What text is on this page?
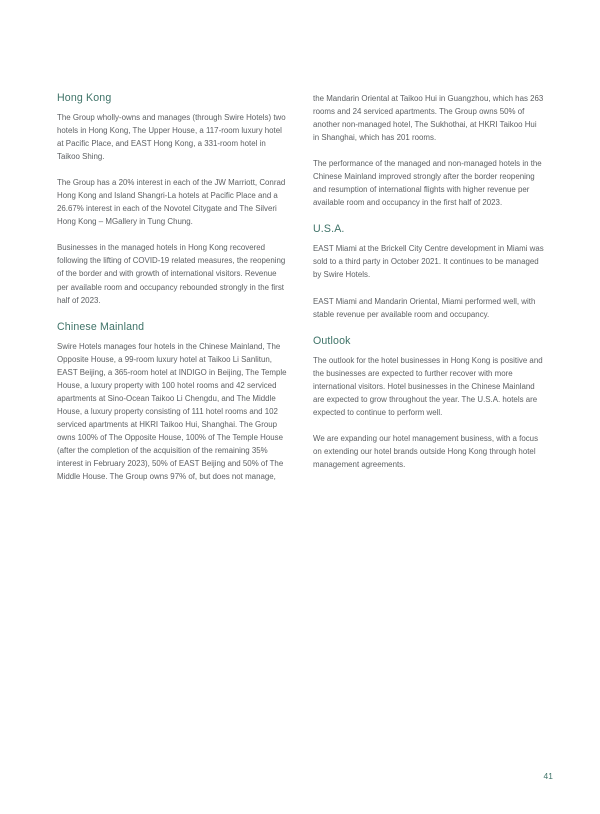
Hong Kong

The Group wholly-owns and manages (through Swire Hotels) two hotels in Hong Kong, The Upper House, a 117-room luxury hotel at Pacific Place, and EAST Hong Kong, a 331-room hotel in Taikoo Shing.

The Group has a 20% interest in each of the JW Marriott, Conrad Hong Kong and Island Shangri-La hotels at Pacific Place and a 26.67% interest in each of the Novotel Citygate and The Silveri Hong Kong – MGallery in Tung Chung.

Businesses in the managed hotels in Hong Kong recovered following the lifting of COVID-19 related measures, the reopening of the border and with growth of international visitors. Revenue per available room and occupancy rebounded strongly in the first half of 2023.

Chinese Mainland

Swire Hotels manages four hotels in the Chinese Mainland, The Opposite House, a 99-room luxury hotel at Taikoo Li Sanlitun, EAST Beijing, a 365-room hotel at INDIGO in Beijing, The Temple House, a luxury property with 100 hotel rooms and 42 serviced apartments at Sino-Ocean Taikoo Li Chengdu, and The Middle House, a luxury property consisting of 111 hotel rooms and 102 serviced apartments at HKRI Taikoo Hui, Shanghai. The Group owns 100% of The Opposite House, 100% of The Temple House (after the completion of the acquisition of the remaining 35% interest in February 2023), 50% of EAST Beijing and 50% of The Middle House. The Group owns 97% of, but does not manage,

the Mandarin Oriental at Taikoo Hui in Guangzhou, which has 263 rooms and 24 serviced apartments. The Group owns 50% of another non-managed hotel, The Sukhothai, at HKRI Taikoo Hui in Shanghai, which has 201 rooms.

The performance of the managed and non-managed hotels in the Chinese Mainland improved strongly after the border reopening and resumption of international flights with higher revenue per available room and occupancy in the first half of 2023.

U.S.A.

EAST Miami at the Brickell City Centre development in Miami was sold to a third party in October 2021. It continues to be managed by Swire Hotels.

EAST Miami and Mandarin Oriental, Miami performed well, with stable revenue per available room and occupancy.

Outlook

The outlook for the hotel businesses in Hong Kong is positive and the businesses are expected to further recover with more international visitors. Hotel businesses in the Chinese Mainland are expected to grow throughout the year. The U.S.A. hotels are expected to continue to perform well.

We are expanding our hotel management business, with a focus on extending our hotel brands outside Hong Kong through hotel management agreements.

41
